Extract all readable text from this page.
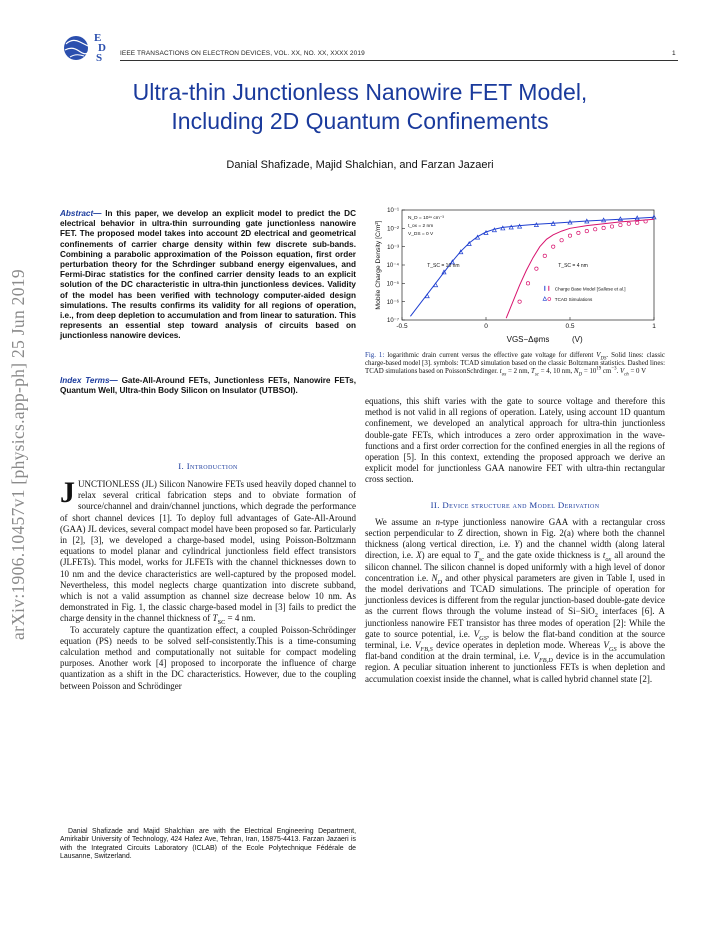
E
D
S	IEEE TRANSACTIONS ON ELECTRON DEVICES, VOL. XX, NO. XX, XXXX 2019	1
arXiv:1906.10457v1 [physics.app-ph] 25 Jun 2019
Ultra-thin Junctionless Nanowire FET Model,
Including 2D Quantum Confinements
Danial Shafizade, Majid Shalchian, and Farzan Jazaeri
Abstract— In this paper, we develop an explicit model to predict the DC electrical behavior in ultra-thin surrounding gate junctionless nanowire FET. The proposed model takes into account 2D electrical and geometrical confinements of carrier charge density within few discrete sub-bands. Combining a parabolic approximation of the Poisson equation, first order perturbation theory for the Schrdinger subband energy eigenvalues, and Fermi-Dirac statistics for the confined carrier density leads to an explicit solution of the DC characteristic in ultra-thin junctionless devices. Validity of the model has been verified with technology computer-aided design simulations. The results confirms its validity for all regions of operation, i.e., from deep depletion to accumulation and from linear to saturation. This represents an essential step toward analysis of circuits based on junctionless nanowire devices.
Index Terms— Gate-All-Around FETs, Junctionless FETs, Nanowire FETs, Quantum Well, Ultra-thin Body Silicon on Insulator (UTBSOI).
I. Introduction

JUNCTIONLESS (JL) Silicon Nanowire FETs used heavily doped channel to relax several critical fabrication steps and to obviate formation of source/channel and drain/channel junctions, which degrade the performance of short channel devices [1]. To deploy full advantages of Gate-All-Around (GAA) JL devices, several compact model have been proposed so far. Particularly in [2], [3], we developed a charge-based model, using Poisson-Boltzmann equations to model planar and cylindrical junctionless field effect transistors (JLFETs). This model, works for JLFETs with the channel thicknesses down to 10 nm and the device characteristics are well-captured by the proposed model. Nevertheless, this model neglects charge quantization into discrete subband, which is not a valid assumption as channel size decrease below 10 nm. As demonstrated in Fig. 1, the classic charge-based model in [3] fails to predict the charge density in the channel thickness of $T_{SC} = 4$ nm.

To accurately capture the quantization effect, a coupled Poisson-Schrödinger equation (PS) needs to be solved self-consistently.This is a time-consuming calculation method and computationally not suitable for compact modeling purposes. Another work [4] proposed to incorporate the influence of charge quantization as a shift in the DC characteristics. However, due to the coupling between Poisson and Schrödinger

Danial Shafizade and Majid Shalchian are with the Electrical Engineering Department, Amirkabir University of Technology, 424 Hafez Ave, Tehran, Iran, 15875-4413. Farzan Jazaeri is with the Integrated Circuits Laboratory (ICLAB) of the Ecole Polytechnique Fédérale de Lausanne, Switzerland.

-0.5	0	0.5	1
10⁻¹
10⁻²
10⁻³
10⁻⁴
10⁻⁵
10⁻⁶
10⁻⁷
VGS−Δφms	(V)
Mobile Charge Density [C/m²]
N_D = 10¹⁹ cm⁻³
t_ox = 2 nm
V_DS = 0 V
T_SC = 10 nm	T_SC = 4 nm
Charge Base Model [Sallese et al.]
TCAD Simulations
Fig. 1: logarithmic drain current versus the effective gate voltage for different $V_{DS}$. Solid lines: classic charge-based model [3]. symbols: TCAD simulation based on the classic Boltzmann statistics. Dashed lines: TCAD simulations based on PoissonSchrdinger. $t_{ox} = 2$ nm, $T_{sc} = 4$, 10 nm, $N_D = 10^{19}$ $cm^{-3}$. $V_{ch} = 0$ V

equations, this shift varies with the gate to source voltage and therefore this method is not valid in all regions of operation. Lately, using account 1D quantum confinement, we developed an analytical approach for ultra-thin junctionless double-gate FETs, which introduces a zero order approximation in the wave-functions and a first order correction for the confined energies in all the regions of operation [5]. In this context, extending the proposed approach we derive an explicit model for junctionless GAA nanowire FET with ultra-thin rectangular cross section.

II. Device structure and Model Derivation

We assume an n-type junctionless nanowire GAA with a rectangular cross section perpendicular to Z direction, shown in Fig. 2(a) where both the channel thickness (along vertical direction, i.e. Y) and the channel width (along lateral direction, i.e. X) are equal to $T_{sc}$ and the gate oxide thickness is $t_{ox}$ all around the silicon channel. The silicon channel is doped uniformly with a high level of donor concentration i.e. $N_D$ and other physical parameters are given in Table I, used in the model derivations and TCAD simulations. The principle of operation for junctionless devices is different from the regular junction-based double-gate device as the current flows through the volume instead of Si−SiO$_2$ interfaces [6]. A junctionless nanowire FET transistor has three modes of operation [2]: While the gate to source potential, i.e. $V_{GS}$, is below the flat-band condition at the source terminal, i.e. $V_{FB,S}$ device operates in depletion mode. Whereas $V_{GS}$ is above the flat-band condition at the drain terminal, i.e. $V_{FB,D}$ device is in the accumulation region. A peculiar situation inherent to junctionless FETs is when depletion and accumulation coexist inside the channel, what is called hybrid channel state [2].
